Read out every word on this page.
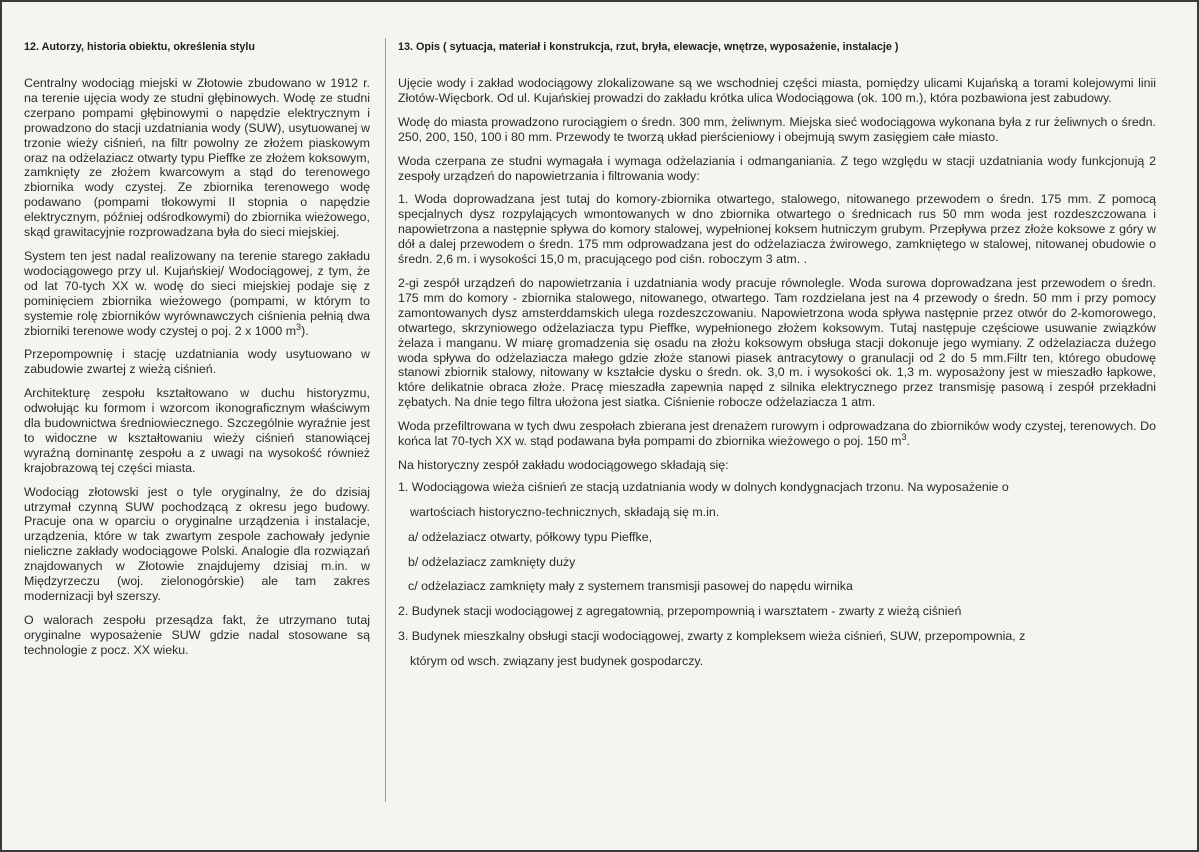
12. Autorzy, historia obiektu, określenia stylu

Centralny wodociąg miejski w Złotowie zbudowano w 1912 r. na terenie ujęcia wody ze studni głębinowych. Wodę ze studni czerpano pompami głębinowymi o napędzie elektrycznym i prowadzono do stacji uzdatniania wody (SUW), usytuowanej w trzonie wieży ciśnień, na filtr powolny ze złożem piaskowym oraz na odżelaziacz otwarty typu Pieffke ze złożem koksowym, zamknięty ze złożem kwarcowym a stąd do terenowego zbiornika wody czystej. Ze zbiornika terenowego wodę podawano (pompami tłokowymi II stopnia o napędzie elektrycznym, później odśrodkowymi) do zbiornika wieżowego, skąd grawitacyjnie rozprowadzana była do sieci miejskiej.

System ten jest nadal realizowany na terenie starego zakładu wodociągowego przy ul. Kujańskiej/ Wodociągowej, z tym, że od lat 70-tych XX w. wodę do sieci miejskiej podaje się z pominięciem zbiornika wieżowego (pompami, w którym to systemie rolę zbiorników wyrównawczych ciśnienia pełnią dwa zbiorniki terenowe wody czystej o poj. 2 x 1000 $m^3$).

Przepompownię i stację uzdatniania wody usytuowano w zabudowie zwartej z wieżą ciśnień.

Architekturę zespołu kształtowano w duchu historyzmu, odwołując ku formom i wzorcom ikonograficznym właściwym dla budownictwa średniowiecznego. Szczególnie wyraźnie jest to widoczne w kształtowaniu wieży ciśnień stanowiącej wyraźną dominantę zespołu a z uwagi na wysokość również krajobrazową tej części miasta.

Wodociąg złotowski jest o tyle oryginalny, że do dzisiaj utrzymał czynną SUW pochodzącą z okresu jego budowy. Pracuje ona w oparciu o oryginalne urządzenia i instalacje, urządzenia, które w tak zwartym zespole zachowały jedynie nieliczne zakłady wodociągowe Polski. Analogie dla rozwiązań znajdowanych w Złotowie znajdujemy dzisiaj m.in. w Międzyrzeczu (woj. zielonogórskie) ale tam zakres modernizacji był szerszy.

O walorach zespołu przesądza fakt, że utrzymano tutaj oryginalne wyposażenie SUW gdzie nadal stosowane są technologie z pocz. XX wieku.

13. Opis ( sytuacja, materiał i konstrukcja, rzut, bryła, elewacje, wnętrze, wyposażenie, instalacje )

Ujęcie wody i zakład wodociągowy zlokalizowane są we wschodniej części miasta, pomiędzy ulicami Kujańską a torami kolejowymi linii Złotów-Więcbork. Od ul. Kujańskiej prowadzi do zakładu krótka ulica Wodociągowa (ok. 100 m.), która pozbawiona jest zabudowy.

Wodę do miasta prowadzono rurociągiem o średn. 300 mm, żeliwnym. Miejska sieć wodociągowa wykonana była z rur żeliwnych o średn. 250, 200, 150, 100 i 80 mm. Przewody te tworzą układ pierścieniowy i obejmują swym zasięgiem całe miasto.

Woda czerpana ze studni wymagała i wymaga odżelaziania i odmanganiania. Z tego względu w stacji uzdatniania wody funkcjonują 2 zespoły urządzeń do napowietrzania i filtrowania wody:

1. Woda doprowadzana jest tutaj do komory-zbiornika otwartego, stalowego, nitowanego przewodem o średn. 175 mm. Z pomocą specjalnych dysz rozpylających wmontowanych w dno zbiornika otwartego o średnicach rus 50 mm woda jest rozdeszczowana i napowietrzona a następnie spływa do komory stalowej, wypełnionej koksem hutniczym grubym. Przepływa przez złoże koksowe z góry w dół a dalej przewodem o średn. 175 mm odprowadzana jest do odżelaziacza żwirowego, zamkniętego w stalowej, nitowanej obudowie o średn. 2,6 m. i wysokości 15,0 m, pracującego pod ciśn. roboczym 3 atm. .

2-gi zespół urządzeń do napowietrzania i uzdatniania wody pracuje równolegle. Woda surowa doprowadzana jest przewodem o średn. 175 mm do komory - zbiornika stalowego, nitowanego, otwartego. Tam rozdzielana jest na 4 przewody o średn. 50 mm i przy pomocy zamontowanych dysz amsterddamskich ulega rozdeszczowaniu. Napowietrzona woda spływa następnie przez otwór do 2-komorowego, otwartego, skrzyniowego odżelaziacza typu Pieffke, wypełnionego złożem koksowym. Tutaj następuje częściowe usuwanie związków żelaza i manganu. W miarę gromadzenia się osadu na złożu koksowym obsługa stacji dokonuje jego wymiany. Z odżelaziacza dużego woda spływa do odżelaziacza małego gdzie złoże stanowi piasek antracytowy o granulacji od 2 do 5 mm.Filtr ten, którego obudowę stanowi zbiornik stalowy, nitowany w kształcie dysku o średn. ok. 3,0 m. i wysokości ok. 1,3 m. wyposażony jest w mieszadło łapkowe, które delikatnie obraca złoże. Pracę mieszadła zapewnia napęd z silnika elektrycznego przez transmisję pasową i zespół przekładni zębatych. Na dnie tego filtra ułożona jest siatka. Ciśnienie robocze odżelaziacza 1 atm.

Woda przefiltrowana w tych dwu zespołach zbierana jest drenażem rurowym i odprowadzana do zbiorników wody czystej, terenowych. Do końca lat 70-tych XX w. stąd podawana była pompami do zbiornika wieżowego o poj. 150 $m^3$.

Na historyczny zespół zakładu wodociągowego składają się:

1. Wodociągowa wieża ciśnień ze stacją uzdatniania wody w dolnych kondygnacjach trzonu. Na wyposażenie o

wartościach historyczno-technicznych, składają się m.in.

a/ odżelaziacz otwarty, półkowy typu Pieffke,

b/ odżelaziacz zamknięty duży

c/ odżelaziacz zamknięty mały z systemem transmisji pasowej do napędu wirnika

2. Budynek stacji wodociągowej z agregatownią, przepompownią i warsztatem - zwarty z wieżą ciśnień

3. Budynek mieszkalny obsługi stacji wodociągowej, zwarty z kompleksem wieża ciśnień, SUW, przepompownia, z

którym od wsch. związany jest budynek gospodarczy.
